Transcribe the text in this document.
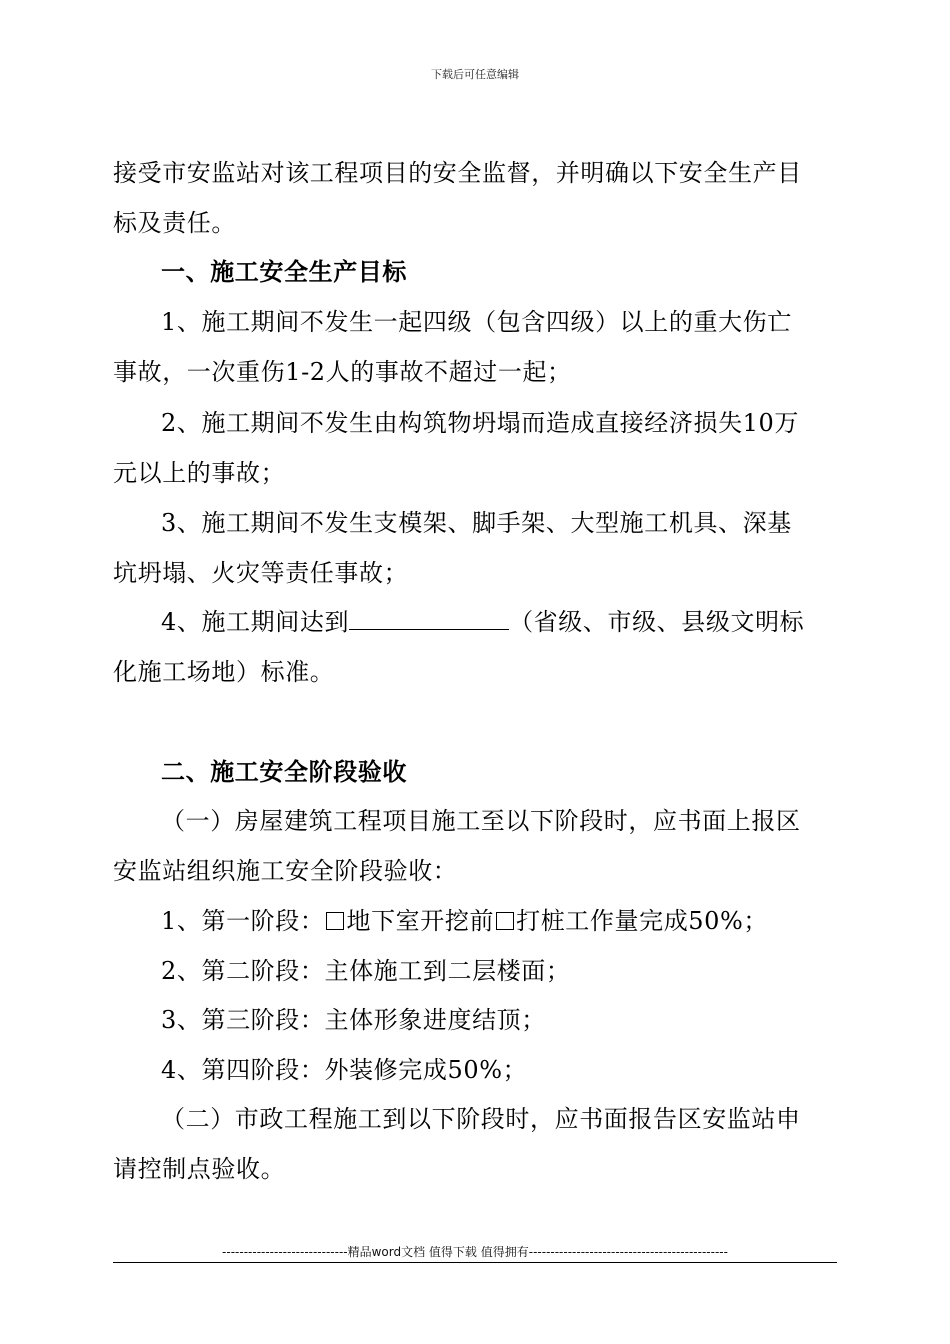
下载后可任意编辑
接受市安监站对该工程项目的安全监督，并明确以下安全生产目
标及责任。
一、施工安全生产目标
1、施工期间不发生一起四级（包含四级）以上的重大伤亡
事故，一次重伤1-2人的事故不超过一起；
2、施工期间不发生由构筑物坍塌而造成直接经济损失10万
元以上的事故；
3、施工期间不发生支模架、脚手架、大型施工机具、深基
坑坍塌、火灾等责任事故；
4、施工期间达到	（省级、市级、县级文明标
化施工场地）标准。
二、施工安全阶段验收
（一）房屋建筑工程项目施工至以下阶段时，应书面上报区
安监站组织施工安全阶段验收：
1、第一阶段： 地下室开挖前 打桩工作量完成50%；
2、第二阶段：主体施工到二层楼面；
3、第三阶段：主体形象进度结顶；
4、第四阶段：外装修完成50%；
（二）市政工程施工到以下阶段时，应书面报告区安监站申
请控制点验收。
-----------------------------精品word文档 值得下载 值得拥有----------------------------------------------
